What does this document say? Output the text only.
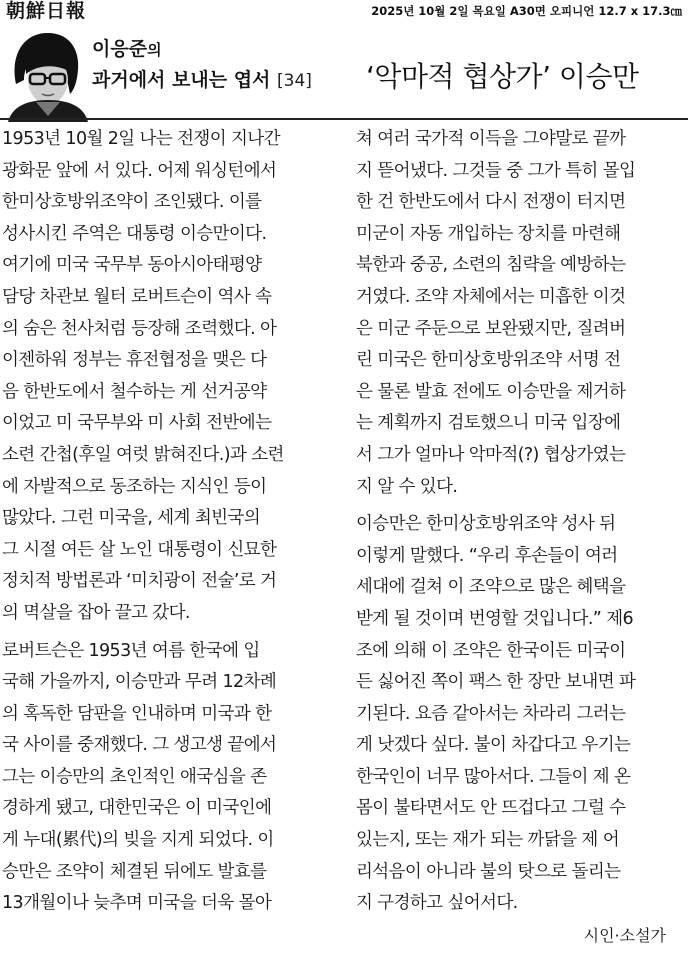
朝鮮日報	2025년 10월 2일 목요일 A30면 오피니언 12.7 x 17.3㎝
이응준의
과거에서 보내는 엽서 [34] ‘악마적 협상가’ 이승만

1953년 10월 2일 나는 전쟁이 지나간
광화문 앞에 서 있다. 어제 워싱턴에서
한미상호방위조약이 조인됐다. 이를
성사시킨 주역은 대통령 이승만이다.
여기에 미국 국무부 동아시아태평양
담당 차관보 월터 로버트슨이 역사 속
의 숨은 천사처럼 등장해 조력했다. 아
이젠하워 정부는 휴전협정을 맺은 다
음 한반도에서 철수하는 게 선거공약
이었고 미 국무부와 미 사회 전반에는
소련 간첩(후일 여럿 밝혀진다.)과 소련
에 자발적으로 동조하는 지식인 등이
많았다. 그런 미국을, 세계 최빈국의
그 시절 여든 살 노인 대통령이 신묘한
정치적 방법론과 ‘미치광이 전술’로 거
의 멱살을 잡아 끌고 갔다.

로버트슨은 1953년 여름 한국에 입
국해 가을까지, 이승만과 무려 12차례
의 혹독한 담판을 인내하며 미국과 한
국 사이를 중재했다. 그 생고생 끝에서
그는 이승만의 초인적인 애국심을 존
경하게 됐고, 대한민국은 이 미국인에
게 누대(累代)의 빚을 지게 되었다. 이
승만은 조약이 체결된 뒤에도 발효를
13개월이나 늦추며 미국을 더욱 몰아

쳐 여러 국가적 이득을 그야말로 끝까
지 뜯어냈다. 그것들 중 그가 특히 몰입
한 건 한반도에서 다시 전쟁이 터지면
미군이 자동 개입하는 장치를 마련해
북한과 중공, 소련의 침략을 예방하는
거였다. 조약 자체에서는 미흡한 이것
은 미군 주둔으로 보완됐지만, 질려버
린 미국은 한미상호방위조약 서명 전
은 물론 발효 전에도 이승만을 제거하
는 계획까지 검토했으니 미국 입장에
서 그가 얼마나 악마적(?) 협상가였는
지 알 수 있다.

이승만은 한미상호방위조약 성사 뒤
이렇게 말했다. “우리 후손들이 여러
세대에 걸쳐 이 조약으로 많은 혜택을
받게 될 것이며 번영할 것입니다.” 제6
조에 의해 이 조약은 한국이든 미국이
든 싫어진 쪽이 팩스 한 장만 보내면 파
기된다. 요즘 같아서는 차라리 그러는
게 낫겠다 싶다. 불이 차갑다고 우기는
한국인이 너무 많아서다. 그들이 제 온
몸이 불타면서도 안 뜨겁다고 그럴 수
있는지, 또는 재가 되는 까닭을 제 어
리석음이 아니라 불의 탓으로 돌리는
지 구경하고 싶어서다.

시인·소설가
